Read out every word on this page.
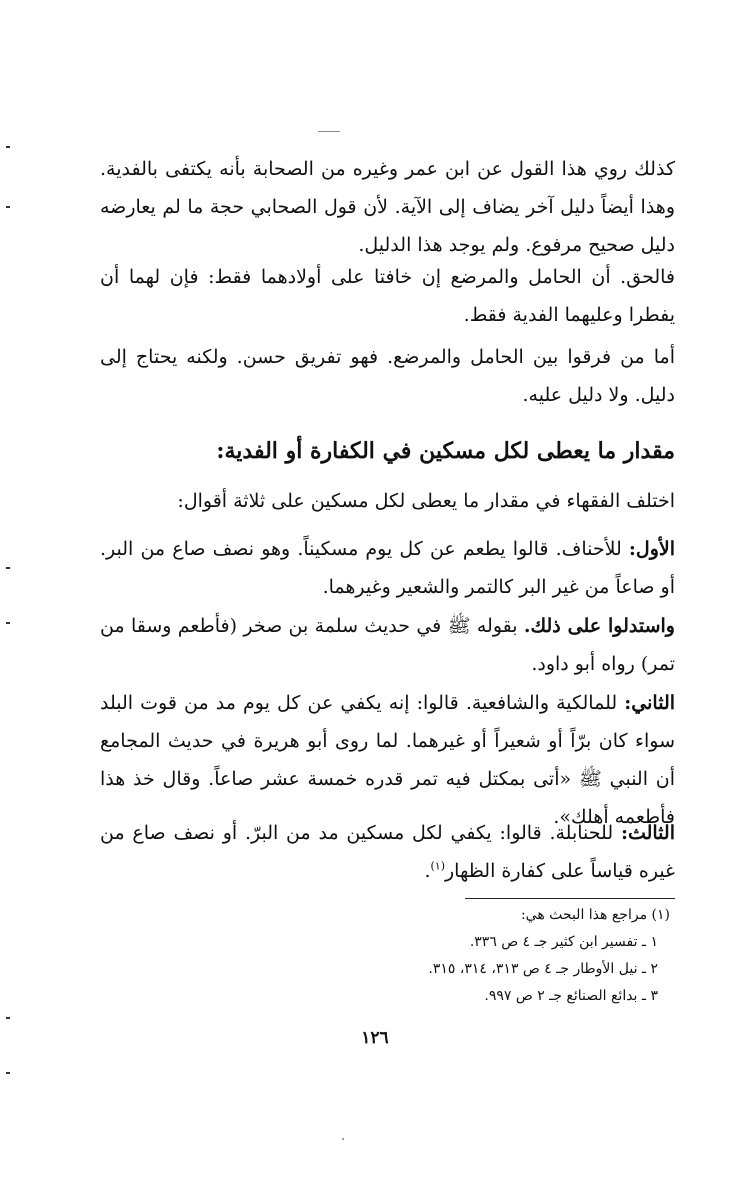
كذلك روي هذا القول عن ابن عمر وغيره من الصحابة بأنه يكتفى بالفدية. وهذا أيضاً دليل آخر يضاف إلى الآية. لأن قول الصحابي حجة ما لم يعارضه دليل صحيح مرفوع. ولم يوجد هذا الدليل.

فالحق. أن الحامل والمرضع إن خافتا على أولادهما فقط: فإن لهما أن يفطرا وعليهما الفدية فقط.

أما من فرقوا بين الحامل والمرضع. فهو تفريق حسن. ولكنه يحتاج إلى دليل. ولا دليل عليه.

مقدار ما يعطى لكل مسكين في الكفارة أو الفدية:

اختلف الفقهاء في مقدار ما يعطى لكل مسكين على ثلاثة أقوال:

الأول: للأحناف. قالوا يطعم عن كل يوم مسكيناً. وهو نصف صاع من البر. أو صاعاً من غير البر كالتمر والشعير وغيرهما.

واستدلوا على ذلك. بقوله ﷺ في حديث سلمة بن صخر (فأطعم وسقا من تمر) رواه أبو داود.

الثاني: للمالكية والشافعية. قالوا: إنه يكفي عن كل يوم مد من قوت البلد سواء كان برّاً أو شعيراً أو غيرهما. لما روى أبو هريرة في حديث المجامع أن النبي ﷺ «أتى بمكتل فيه تمر قدره خمسة عشر صاعاً. وقال خذ هذا فأطعمه أهلك».

الثالث: للحنابلة. قالوا: يكفي لكل مسكين مد من البرّ. أو نصف صاع من غيره قياساً على كفارة الظهار$^{(١)}$.

(١) مراجع هذا البحث هي:
١ ـ تفسير ابن كثير جـ ٤ ص ٣٣٦.
٢ ـ نيل الأوطار جـ ٤ ص ٣١٣، ٣١٤، ٣١٥.
٣ ـ بدائع الصنائع جـ ٢ ص ٩٩٧.
١٢٦
